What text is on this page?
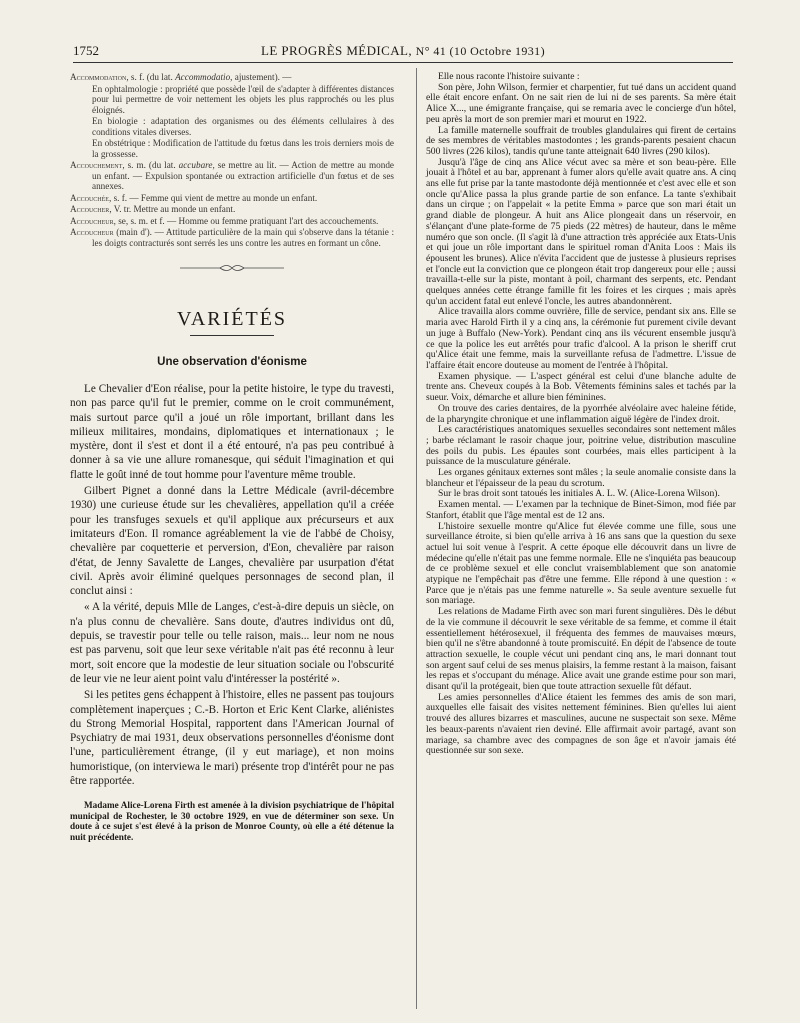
1752	LE PROGRÈS MÉDICAL, N° 41 (10 Octobre 1931)

Accommodation, s. f. (du lat. Accommodatio, ajustement). —

En ophtalmologie : propriété que possède l'œil de s'adapter à différentes distances pour lui permettre de voir nettement les objets les plus rapprochés ou les plus éloignés.

En biologie : adaptation des organismes ou des éléments cellulaires à des conditions vitales diverses.

En obstétrique : Modification de l'attitude du fœtus dans les trois derniers mois de la grossesse.

Accouchement, s. m. (du lat. accubare, se mettre au lit. — Action de mettre au monde un enfant. — Expulsion spontanée ou extraction artificielle d'un fœtus et de ses annexes.

Accouchée, s. f. — Femme qui vient de mettre au monde un enfant.

Accoucher, V. tr. Mettre au monde un enfant.

Accoucheur, se, s. m. et f. — Homme ou femme pratiquant l'art des accouchements.

Accoucheur (main d'). — Attitude particulière de la main qui s'observe dans la tétanie : les doigts contracturés sont serrés les uns contre les autres en formant un cône.

VARIÉTÉS
Une observation d'éonisme

Le Chevalier d'Eon réalise, pour la petite histoire, le type du travesti, non pas parce qu'il fut le premier, comme on le croit communément, mais surtout parce qu'il a joué un rôle important, brillant dans les milieux militaires, mondains, diplomatiques et internationaux ; le mystère, dont il s'est et dont il a été entouré, n'a pas peu contribué à donner à sa vie une allure romanesque, qui séduit l'imagination et qui flatte le goût inné de tout homme pour l'aventure même trouble.

Gilbert Pignet a donné dans la Lettre Médicale (avril-décembre 1930) une curieuse étude sur les chevalières, appellation qu'il a créée pour les transfuges sexuels et qu'il applique aux précurseurs et aux imitateurs d'Eon. Il romance agréablement la vie de l'abbé de Choisy, chevalière par coquetterie et perversion, d'Eon, chevalière par raison d'état, de Jenny Savalette de Langes, chevalière par usurpation d'état civil. Après avoir éliminé quelques personnages de second plan, il conclut ainsi :

« A la vérité, depuis Mlle de Langes, c'est-à-dire depuis un siècle, on n'a plus connu de chevalière. Sans doute, d'autres individus ont dû, depuis, se travestir pour telle ou telle raison, mais... leur nom ne nous est pas parvenu, soit que leur sexe véritable n'ait pas été reconnu à leur mort, soit encore que la modestie de leur situation sociale ou l'obscurité de leur vie ne leur aient point valu d'intéresser la postérité ».

Si les petites gens échappent à l'histoire, elles ne passent pas toujours complètement inaperçues ; C.-B. Horton et Eric Kent Clarke, aliénistes du Strong Memorial Hospital, rapportent dans l'American Journal of Psychiatry de mai 1931, deux observations personnelles d'éonisme dont l'une, particulièrement étrange, (il y eut mariage), et non moins humoristique, (on interviewa le mari) présente trop d'intérêt pour ne pas être rapportée.

Madame Alice-Lorena Firth est amenée à la division psychiatrique de l'hôpital municipal de Rochester, le 30 octobre 1929, en vue de déterminer son sexe. Un doute à ce sujet s'est élevé à la prison de Monroe County, où elle a été détenue la nuit précédente.

Elle nous raconte l'histoire suivante :

Son père, John Wilson, fermier et charpentier, fut tué dans un accident quand elle était encore enfant. On ne sait rien de lui ni de ses parents. Sa mère était Alice X..., une émigrante française, qui se remaria avec le concierge d'un hôtel, peu après la mort de son premier mari et mourut en 1922.

La famille maternelle souffrait de troubles glandulaires qui firent de certains de ses membres de véritables mastodontes ; les grands-parents pesaient chacun 500 livres (226 kilos), tandis qu'une tante atteignait 640 livres (290 kilos).

Jusqu'à l'âge de cinq ans Alice vécut avec sa mère et son beau-père. Elle jouait à l'hôtel et au bar, apprenant à fumer alors qu'elle avait quatre ans. A cinq ans elle fut prise par la tante mastodonte déjà mentionnée et c'est avec elle et son oncle qu'Alice passa la plus grande partie de son enfance. La tante s'exhibait dans un cirque ; on l'appelait « la petite Emma » parce que son mari était un grand diable de plongeur. A huit ans Alice plongeait dans un réservoir, en s'élançant d'une plate-forme de 75 pieds (22 mètres) de hauteur, dans le même numéro que son oncle. (Il s'agit là d'une attraction très appréciée aux Etats-Unis et qui joue un rôle important dans le spirituel roman d'Anita Loos : Mais ils épousent les brunes). Alice n'évita l'accident que de justesse à plusieurs reprises et l'oncle eut la conviction que ce plongeon était trop dangereux pour elle ; aussi travailla-t-elle sur la piste, montant à poil, charmant des serpents, etc. Pendant quelques années cette étrange famille fit les foires et les cirques ; mais après qu'un accident fatal eut enlevé l'oncle, les autres abandonnèrent.

Alice travailla alors comme ouvrière, fille de service, pendant six ans. Elle se maria avec Harold Firth il y a cinq ans, la cérémonie fut purement civile devant un juge à Buffalo (New-York). Pendant cinq ans ils vécurent ensemble jusqu'à ce que la police les eut arrêtés pour trafic d'alcool. A la prison le sheriff crut qu'Alice était une femme, mais la surveillante refusa de l'admettre. L'issue de l'affaire était encore douteuse au moment de l'entrée à l'hôpital.

Examen physique. — L'aspect général est celui d'une blanche adulte de trente ans. Cheveux coupés à la Bob. Vêtements féminins sales et tachés par la sueur. Voix, démarche et allure bien féminines.

On trouve des caries dentaires, de la pyorrhée alvéolaire avec haleine fétide, de la pharyngite chronique et une inflammation aiguë légère de l'index droit.

Les caractéristiques anatomiques sexuelles secondaires sont nettement mâles ; barbe réclamant le rasoir chaque jour, poitrine velue, distribution masculine des poils du pubis. Les épaules sont courbées, mais elles participent à la puissance de la musculature générale.

Les organes génitaux externes sont mâles ; la seule anomalie consiste dans la blancheur et l'épaisseur de la peau du scrotum.

Sur le bras droit sont tatoués les initiales A. L. W. (Alice-Lorena Wilson).

Examen mental. — L'examen par la technique de Binet-Simon, mod fiée par Stanfort, établit que l'âge mental est de 12 ans.

L'histoire sexuelle montre qu'Alice fut élevée comme une fille, sous une surveillance étroite, si bien qu'elle arriva à 16 ans sans que la question du sexe actuel lui soit venue à l'esprit. A cette époque elle découvrit dans un livre de médecine qu'elle n'était pas une femme normale. Elle ne s'inquiéta pas beaucoup de ce problème sexuel et elle conclut vraisemblablement que son anatomie atypique ne l'empêchait pas d'être une femme. Elle répond à une question : « Parce que je n'étais pas une femme naturelle ». Sa seule aventure sexuelle fut son mariage.

Les relations de Madame Firth avec son mari furent singulières. Dès le début de la vie commune il découvrit le sexe véritable de sa femme, et comme il était essentiellement hétérosexuel, il fréquenta des femmes de mauvaises mœurs, bien qu'il ne s'être abandonné à toute promiscuité. En dépit de l'absence de toute attraction sexuelle, le couple vécut uni pendant cinq ans, le mari donnant tout son argent sauf celui de ses menus plaisirs, la femme restant à la maison, faisant les repas et s'occupant du ménage. Alice avait une grande estime pour son mari, disant qu'il la protégeait, bien que toute attraction sexuelle fût défaut.

Les amies personnelles d'Alice étaient les femmes des amis de son mari, auxquelles elle faisait des visites nettement féminines. Bien qu'elles lui aient trouvé des allures bizarres et masculines, aucune ne suspectait son sexe. Même les beaux-parents n'avaient rien deviné. Elle affirmait avoir partagé, avant son mariage, sa chambre avec des compagnes de son âge et n'avoir jamais été questionnée sur son sexe.
